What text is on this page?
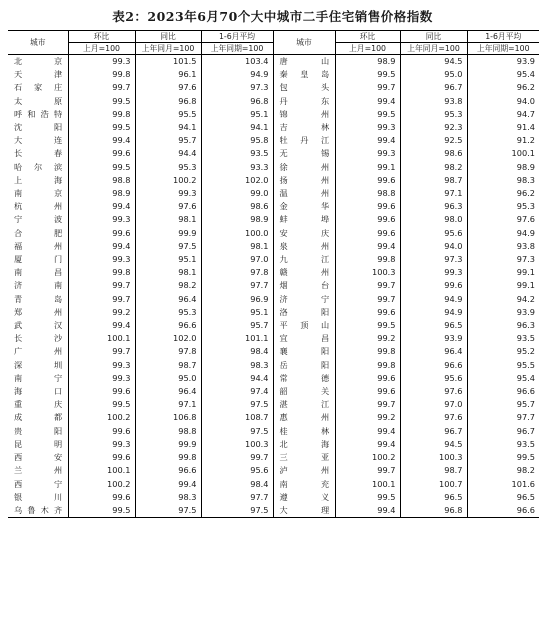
表2：2023年6月70个大中城市二手住宅销售价格指数
城市	环比	同比	1-6月平均	城市	环比	同比	1-6月平均
	上月=100	上年同月=100	上年同期=100		上月=100	上年同月=100	上年同期=100
北京	99.3	101.5	103.4	唐山	98.9	94.5	93.9
天津	99.8	96.1	94.9	秦皇岛	99.5	95.0	95.4
石家庄	99.7	97.6	97.3	包头	99.7	96.7	96.2
太原	99.5	96.8	96.8	丹东	99.4	93.8	94.0
呼和浩特	99.8	95.5	95.1	锦州	99.5	95.3	94.7
沈阳	99.5	94.1	94.1	吉林	99.3	92.3	91.4
大连	99.4	95.7	95.8	牡丹江	99.4	92.5	91.2
长春	99.6	94.4	93.5	无锡	99.3	98.6	100.1
哈尔滨	99.5	95.3	93.3	徐州	99.1	98.2	98.9
上海	98.8	100.2	102.0	扬州	99.6	98.7	98.3
南京	98.9	99.3	99.0	温州	98.8	97.1	96.2
杭州	99.4	97.6	98.6	金华	99.6	96.3	95.3
宁波	99.3	98.1	98.9	蚌埠	99.6	98.0	97.6
合肥	99.6	99.9	100.0	安庆	99.6	95.6	94.9
福州	99.4	97.5	98.1	泉州	99.4	94.0	93.8
厦门	99.3	95.1	97.0	九江	99.8	97.3	97.3
南昌	99.8	98.1	97.8	赣州	100.3	99.3	99.1
济南	99.7	98.2	97.7	烟台	99.7	99.6	99.1
青岛	99.7	96.4	96.9	济宁	99.7	94.9	94.2
郑州	99.2	95.3	95.1	洛阳	99.6	94.9	93.9
武汉	99.4	96.6	95.7	平顶山	99.5	96.5	96.3
长沙	100.1	102.0	101.1	宜昌	99.2	93.9	93.5
广州	99.7	97.8	98.4	襄阳	99.8	96.4	95.2
深圳	99.3	98.7	98.3	岳阳	99.8	96.6	95.5
南宁	99.3	95.0	94.4	常德	99.6	95.6	95.4
海口	99.6	96.4	97.4	韶关	99.6	97.6	96.6
重庆	99.5	97.1	97.5	湛江	99.7	97.0	95.7
成都	100.2	106.8	108.7	惠州	99.2	97.6	97.7
贵阳	99.6	98.8	97.5	桂林	99.4	96.7	96.7
昆明	99.3	99.9	100.3	北海	99.4	94.5	93.5
西安	99.6	99.8	99.7	三亚	100.2	100.3	99.5
兰州	100.1	96.6	95.6	泸州	99.7	98.7	98.2
西宁	100.2	99.4	98.4	南充	100.1	100.7	101.6
银川	99.6	98.3	97.7	遵义	99.5	96.5	96.5
乌鲁木齐	99.5	97.5	97.5	大理	99.4	96.8	96.6
